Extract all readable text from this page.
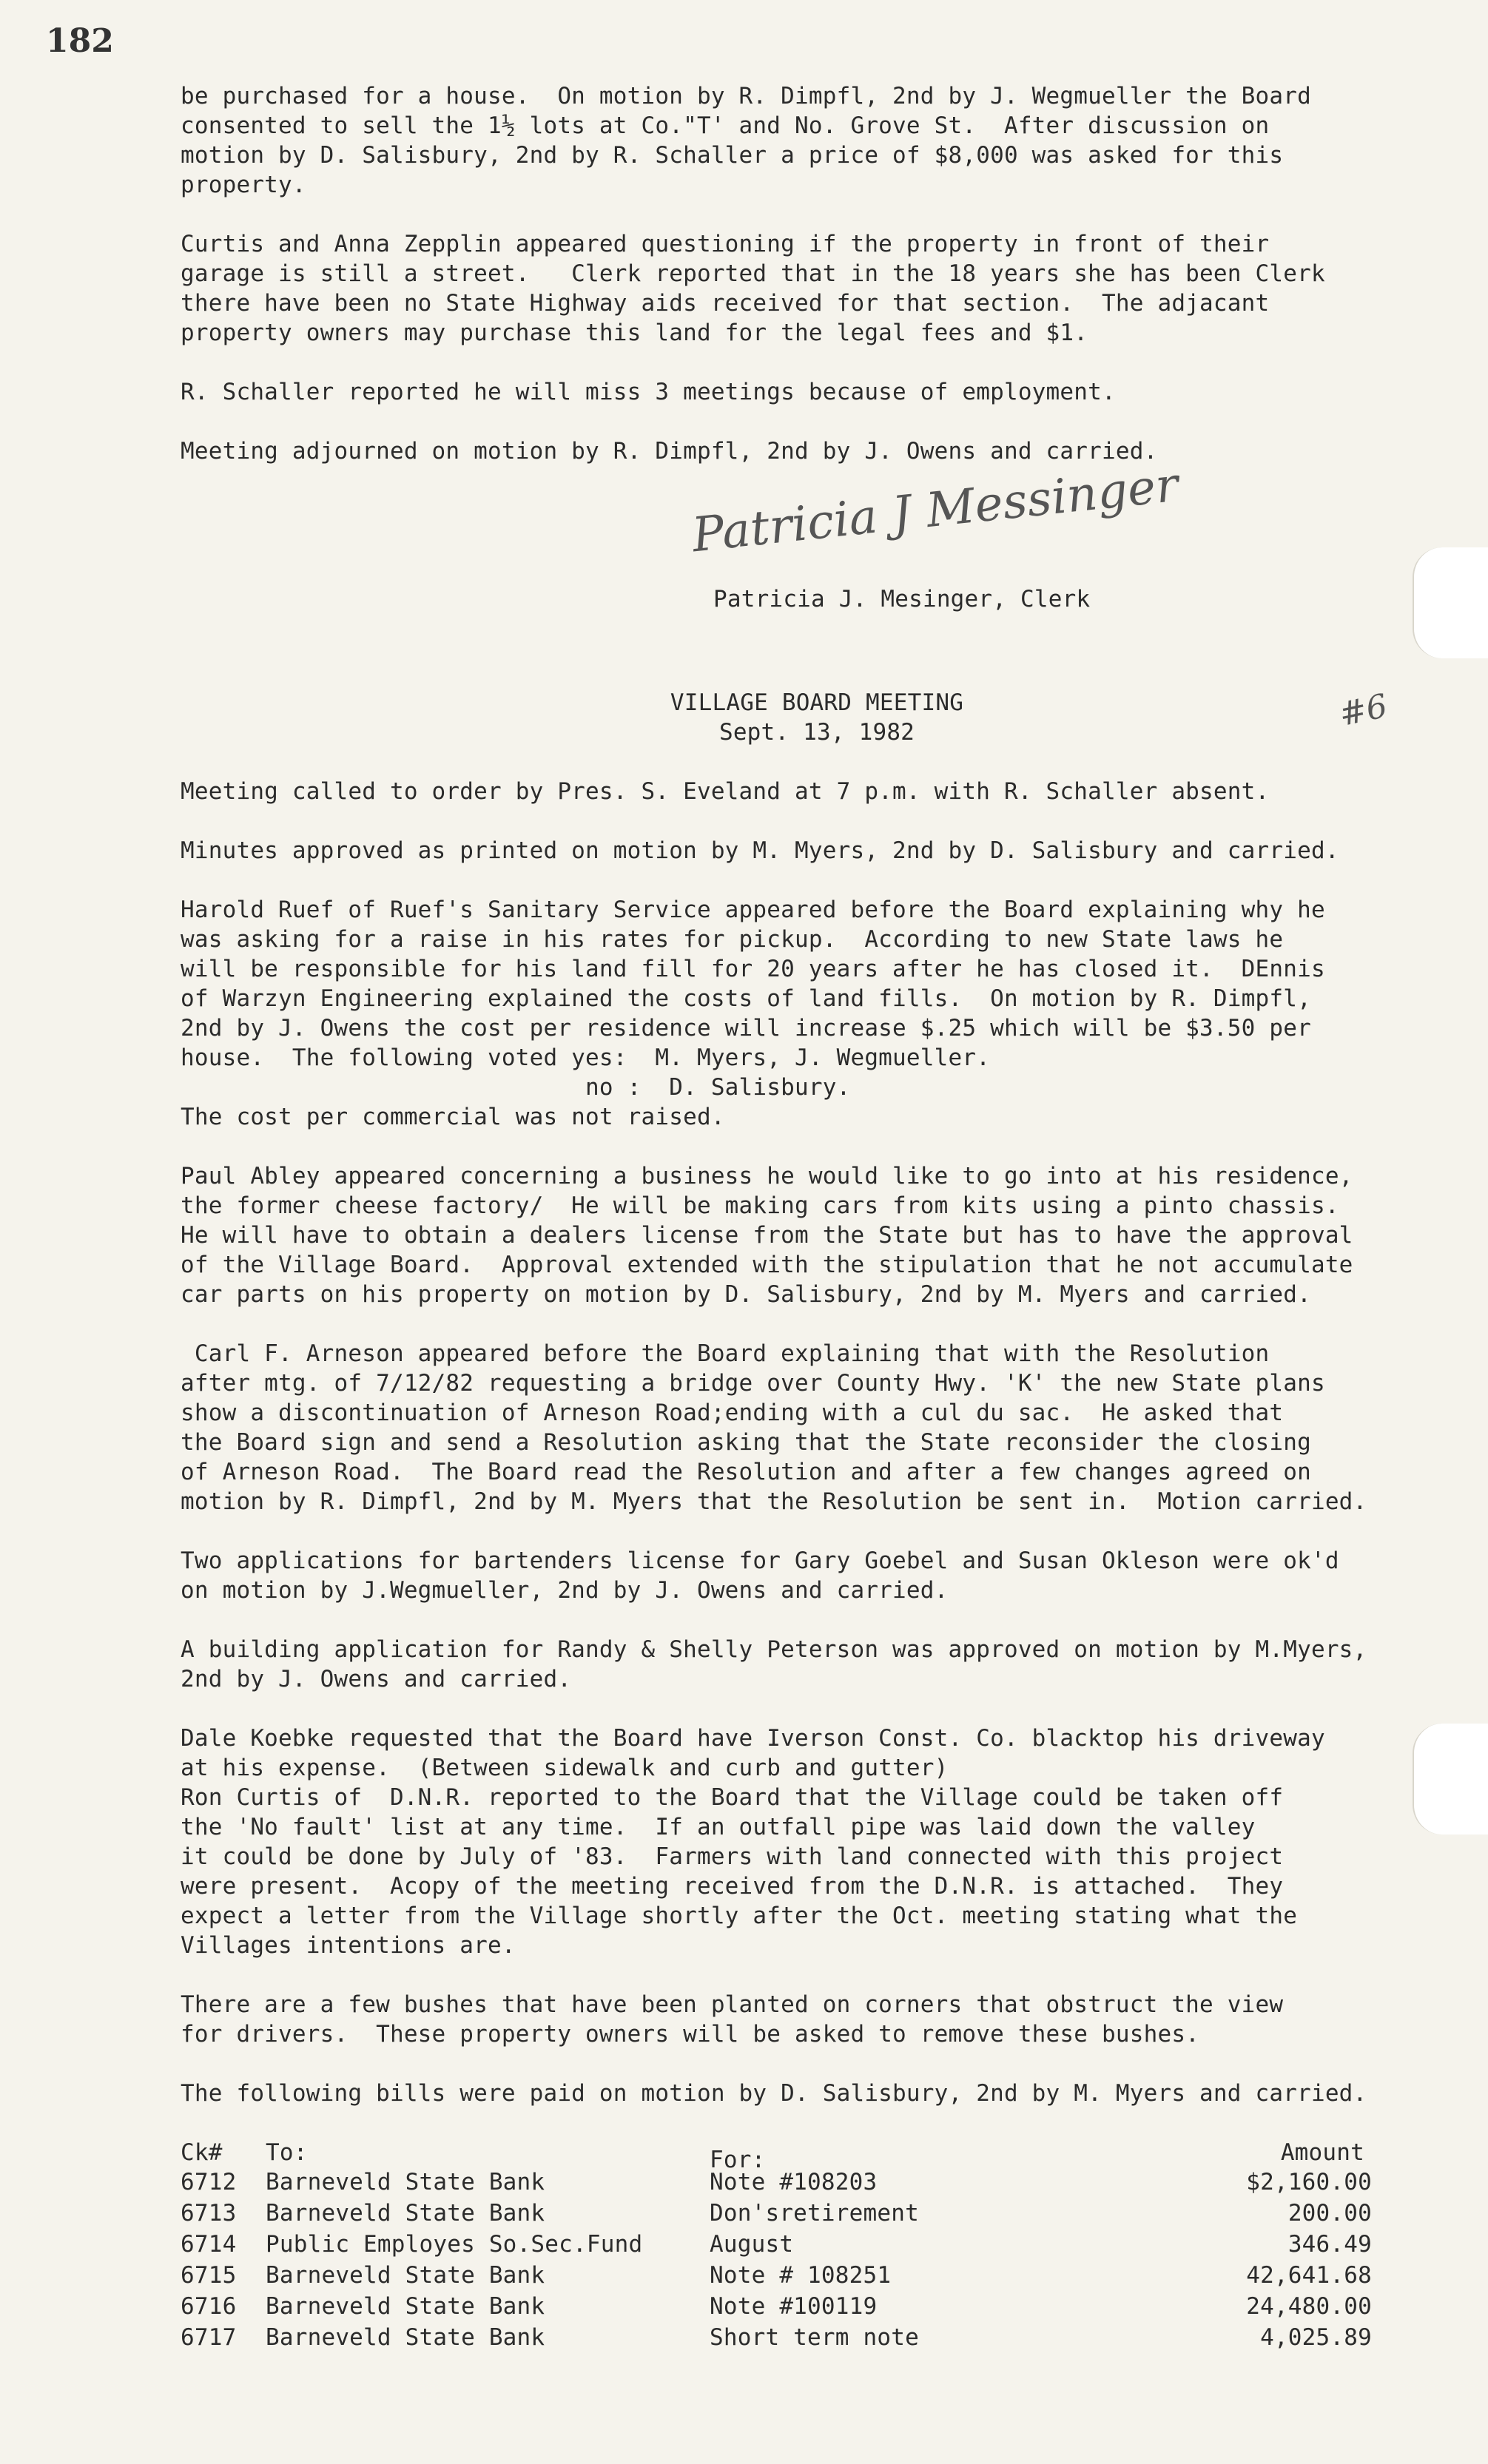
182
#6

be purchased for a house.  On motion by R. Dimpfl, 2nd by J. Wegmueller the Board
consented to sell the 1½ lots at Co."T' and No. Grove St.  After discussion on
motion by D. Salisbury, 2nd by R. Schaller a price of $8,000 was asked for this
property.

Curtis and Anna Zepplin appeared questioning if the property in front of their
garage is still a street.   Clerk reported that in the 18 years she has been Clerk
there have been no State Highway aids received for that section.  The adjacant
property owners may purchase this land for the legal fees and $1.

R. Schaller reported he will miss 3 meetings because of employment.

Meeting adjourned on motion by R. Dimpfl, 2nd by J. Owens and carried.

Patricia J Messinger
Patricia J. Mesinger, Clerk
VILLAGE BOARD MEETING
Sept. 13, 1982

Meeting called to order by Pres. S. Eveland at 7 p.m. with R. Schaller absent.

Minutes approved as printed on motion by M. Myers, 2nd by D. Salisbury and carried.

Harold Ruef of Ruef's Sanitary Service appeared before the Board explaining why he
was asking for a raise in his rates for pickup.  According to new State laws he
will be responsible for his land fill for 20 years after he has closed it.  DEnnis
of Warzyn Engineering explained the costs of land fills.  On motion by R. Dimpfl,
2nd by J. Owens the cost per residence will increase $.25 which will be $3.50 per
house.  The following voted yes:  M. Myers, J. Wegmueller.
no :  D. Salisbury.
The cost per commercial was not raised.

Paul Abley appeared concerning a business he would like to go into at his residence,
the former cheese factory/  He will be making cars from kits using a pinto chassis.
He will have to obtain a dealers license from the State but has to have the approval
of the Village Board.  Approval extended with the stipulation that he not accumulate
car parts on his property on motion by D. Salisbury, 2nd by M. Myers and carried.

Carl F. Arneson appeared before the Board explaining that with the Resolution
after mtg. of 7/12/82 requesting a bridge over County Hwy. 'K' the new State plans
show a discontinuation of Arneson Road;ending with a cul du sac.  He asked that
the Board sign and send a Resolution asking that the State reconsider the closing
of Arneson Road.  The Board read the Resolution and after a few changes agreed on
motion by R. Dimpfl, 2nd by M. Myers that the Resolution be sent in.  Motion carried.

Two applications for bartenders license for Gary Goebel and Susan Okleson were ok'd
on motion by J.Wegmueller, 2nd by J. Owens and carried.

A building application for Randy & Shelly Peterson was approved on motion by M.Myers,
2nd by J. Owens and carried.

Dale Koebke requested that the Board have Iverson Const. Co. blacktop his driveway
at his expense.  (Between sidewalk and curb and gutter)
Ron Curtis of  D.N.R. reported to the Board that the Village could be taken off
the 'No fault' list at any time.  If an outfall pipe was laid down the valley
it could be done by July of '83.  Farmers with land connected with this project
were present.  Acopy of the meeting received from the D.N.R. is attached.  They
expect a letter from the Village shortly after the Oct. meeting stating what the
Villages intentions are.

There are a few bushes that have been planted on corners that obstruct the view
for drivers.  These property owners will be asked to remove these bushes.

The following bills were paid on motion by D. Salisbury, 2nd by M. Myers and carried.

Ck# To:	For:	Amount
6712 Barneveld State Bank	Note #108203	$2,160.00
6713 Barneveld State Bank	Don'sretirement	200.00
6714 Public Employes So.Sec.Fund	August	346.49
6715 Barneveld State Bank	Note # 108251	42,641.68
6716 Barneveld State Bank	Note #100119	24,480.00
6717 Barneveld State Bank	Short term note	4,025.89
